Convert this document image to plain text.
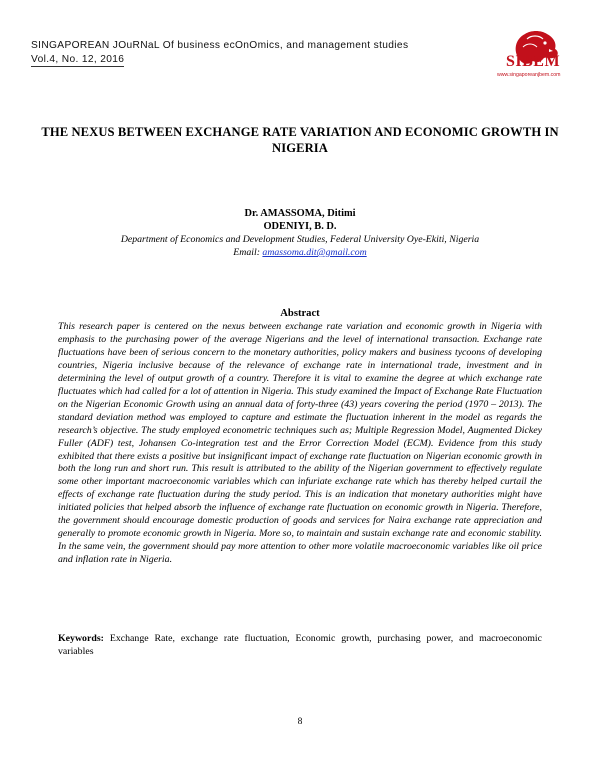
SINGAPOREAN JOuRNaL Of business ecOnOmics, and management studies
Vol.4, No. 12, 2016	SIBEM
www.singaporeanjbem.com
THE NEXUS BETWEEN EXCHANGE RATE VARIATION AND ECONOMIC GROWTH IN NIGERIA
Dr. AMASSOMA, Ditimi
ODENIYI, B. D.
Department of Economics and Development Studies, Federal University Oye-Ekiti, Nigeria
Email: amassoma.dit@gmail.com
Abstract
This research paper is centered on the nexus between exchange rate variation and economic growth in Nigeria with emphasis to the purchasing power of the average Nigerians and the level of international transaction. Exchange rate fluctuations have been of serious concern to the monetary authorities, policy makers and business tycoons of developing countries, Nigeria inclusive because of the relevance of exchange rate in international trade, investment and in determining the level of output growth of a country. Therefore it is vital to examine the degree at which exchange rate fluctuates which had called for a lot of attention in Nigeria. This study examined the Impact of Exchange Rate Fluctuation on the Nigerian Economic Growth using an annual data of forty-three (43) years covering the period (1970 – 2013). The standard deviation method was employed to capture and estimate the fluctuation inherent in the model as regards the research’s objective. The study employed econometric techniques such as; Multiple Regression Model, Augmented Dickey Fuller (ADF) test, Johansen Co-integration test and the Error Correction Model (ECM). Evidence from this study exhibited that there exists a positive but insignificant impact of exchange rate fluctuation on Nigerian economic growth in both the long run and short run. This result is attributed to the ability of the Nigerian government to effectively regulate some other important macroeconomic variables which can infuriate exchange rate which has thereby helped curtail the effects of exchange rate fluctuation during the study period. This is an indication that monetary authorities might have initiated policies that helped absorb the influence of exchange rate fluctuation on economic growth in Nigeria. Therefore, the government should encourage domestic production of goods and services for Naira exchange rate appreciation and generally to promote economic growth in Nigeria. More so, to maintain and sustain exchange rate and economic stability. In the same vein, the government should pay more attention to other more volatile macroeconomic variables like oil price and inflation rate in Nigeria.
Keywords: Exchange Rate, exchange rate fluctuation, Economic growth, purchasing power, and macroeconomic variables
8
